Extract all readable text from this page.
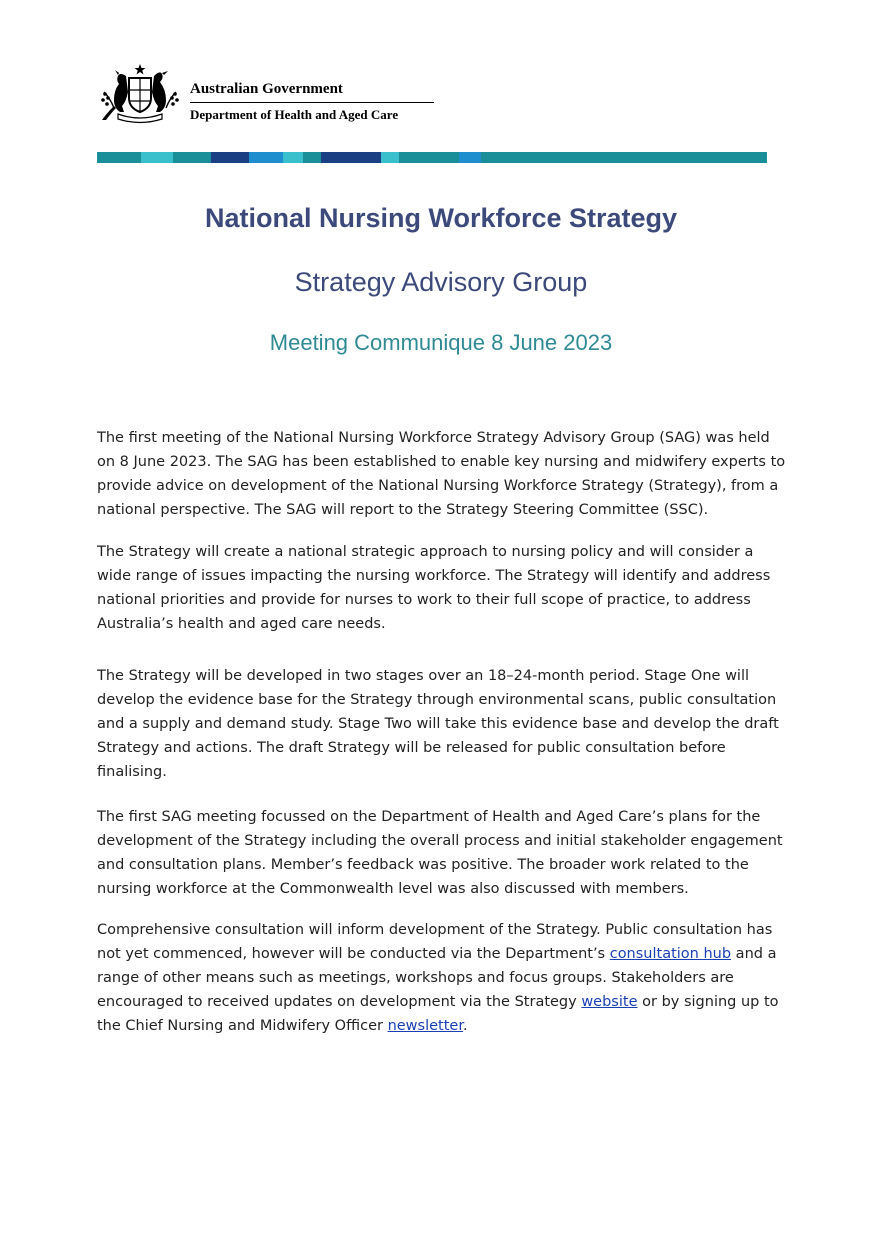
Australian Government
Department of Health and Aged Care
National Nursing Workforce Strategy
Strategy Advisory Group
Meeting Communique 8 June 2023

The first meeting of the National Nursing Workforce Strategy Advisory Group (SAG) was held on 8 June 2023. The SAG has been established to enable key nursing and midwifery experts to provide advice on development of the National Nursing Workforce Strategy (Strategy), from a national perspective. The SAG will report to the Strategy Steering Committee (SSC).

The Strategy will create a national strategic approach to nursing policy and will consider a wide range of issues impacting the nursing workforce. The Strategy will identify and address national priorities and provide for nurses to work to their full scope of practice, to address Australia’s health and aged care needs.

The Strategy will be developed in two stages over an 18–24-month period. Stage One will develop the evidence base for the Strategy through environmental scans, public consultation and a supply and demand study. Stage Two will take this evidence base and develop the draft Strategy and actions. The draft Strategy will be released for public consultation before finalising.

The first SAG meeting focussed on the Department of Health and Aged Care’s plans for the development of the Strategy including the overall process and initial stakeholder engagement and consultation plans. Member’s feedback was positive. The broader work related to the nursing workforce at the Commonwealth level was also discussed with members.

Comprehensive consultation will inform development of the Strategy. Public consultation has not yet commenced, however will be conducted via the Department’s consultation hub and a range of other means such as meetings, workshops and focus groups. Stakeholders are encouraged to received updates on development via the Strategy website or by signing up to the Chief Nursing and Midwifery Officer newsletter.
